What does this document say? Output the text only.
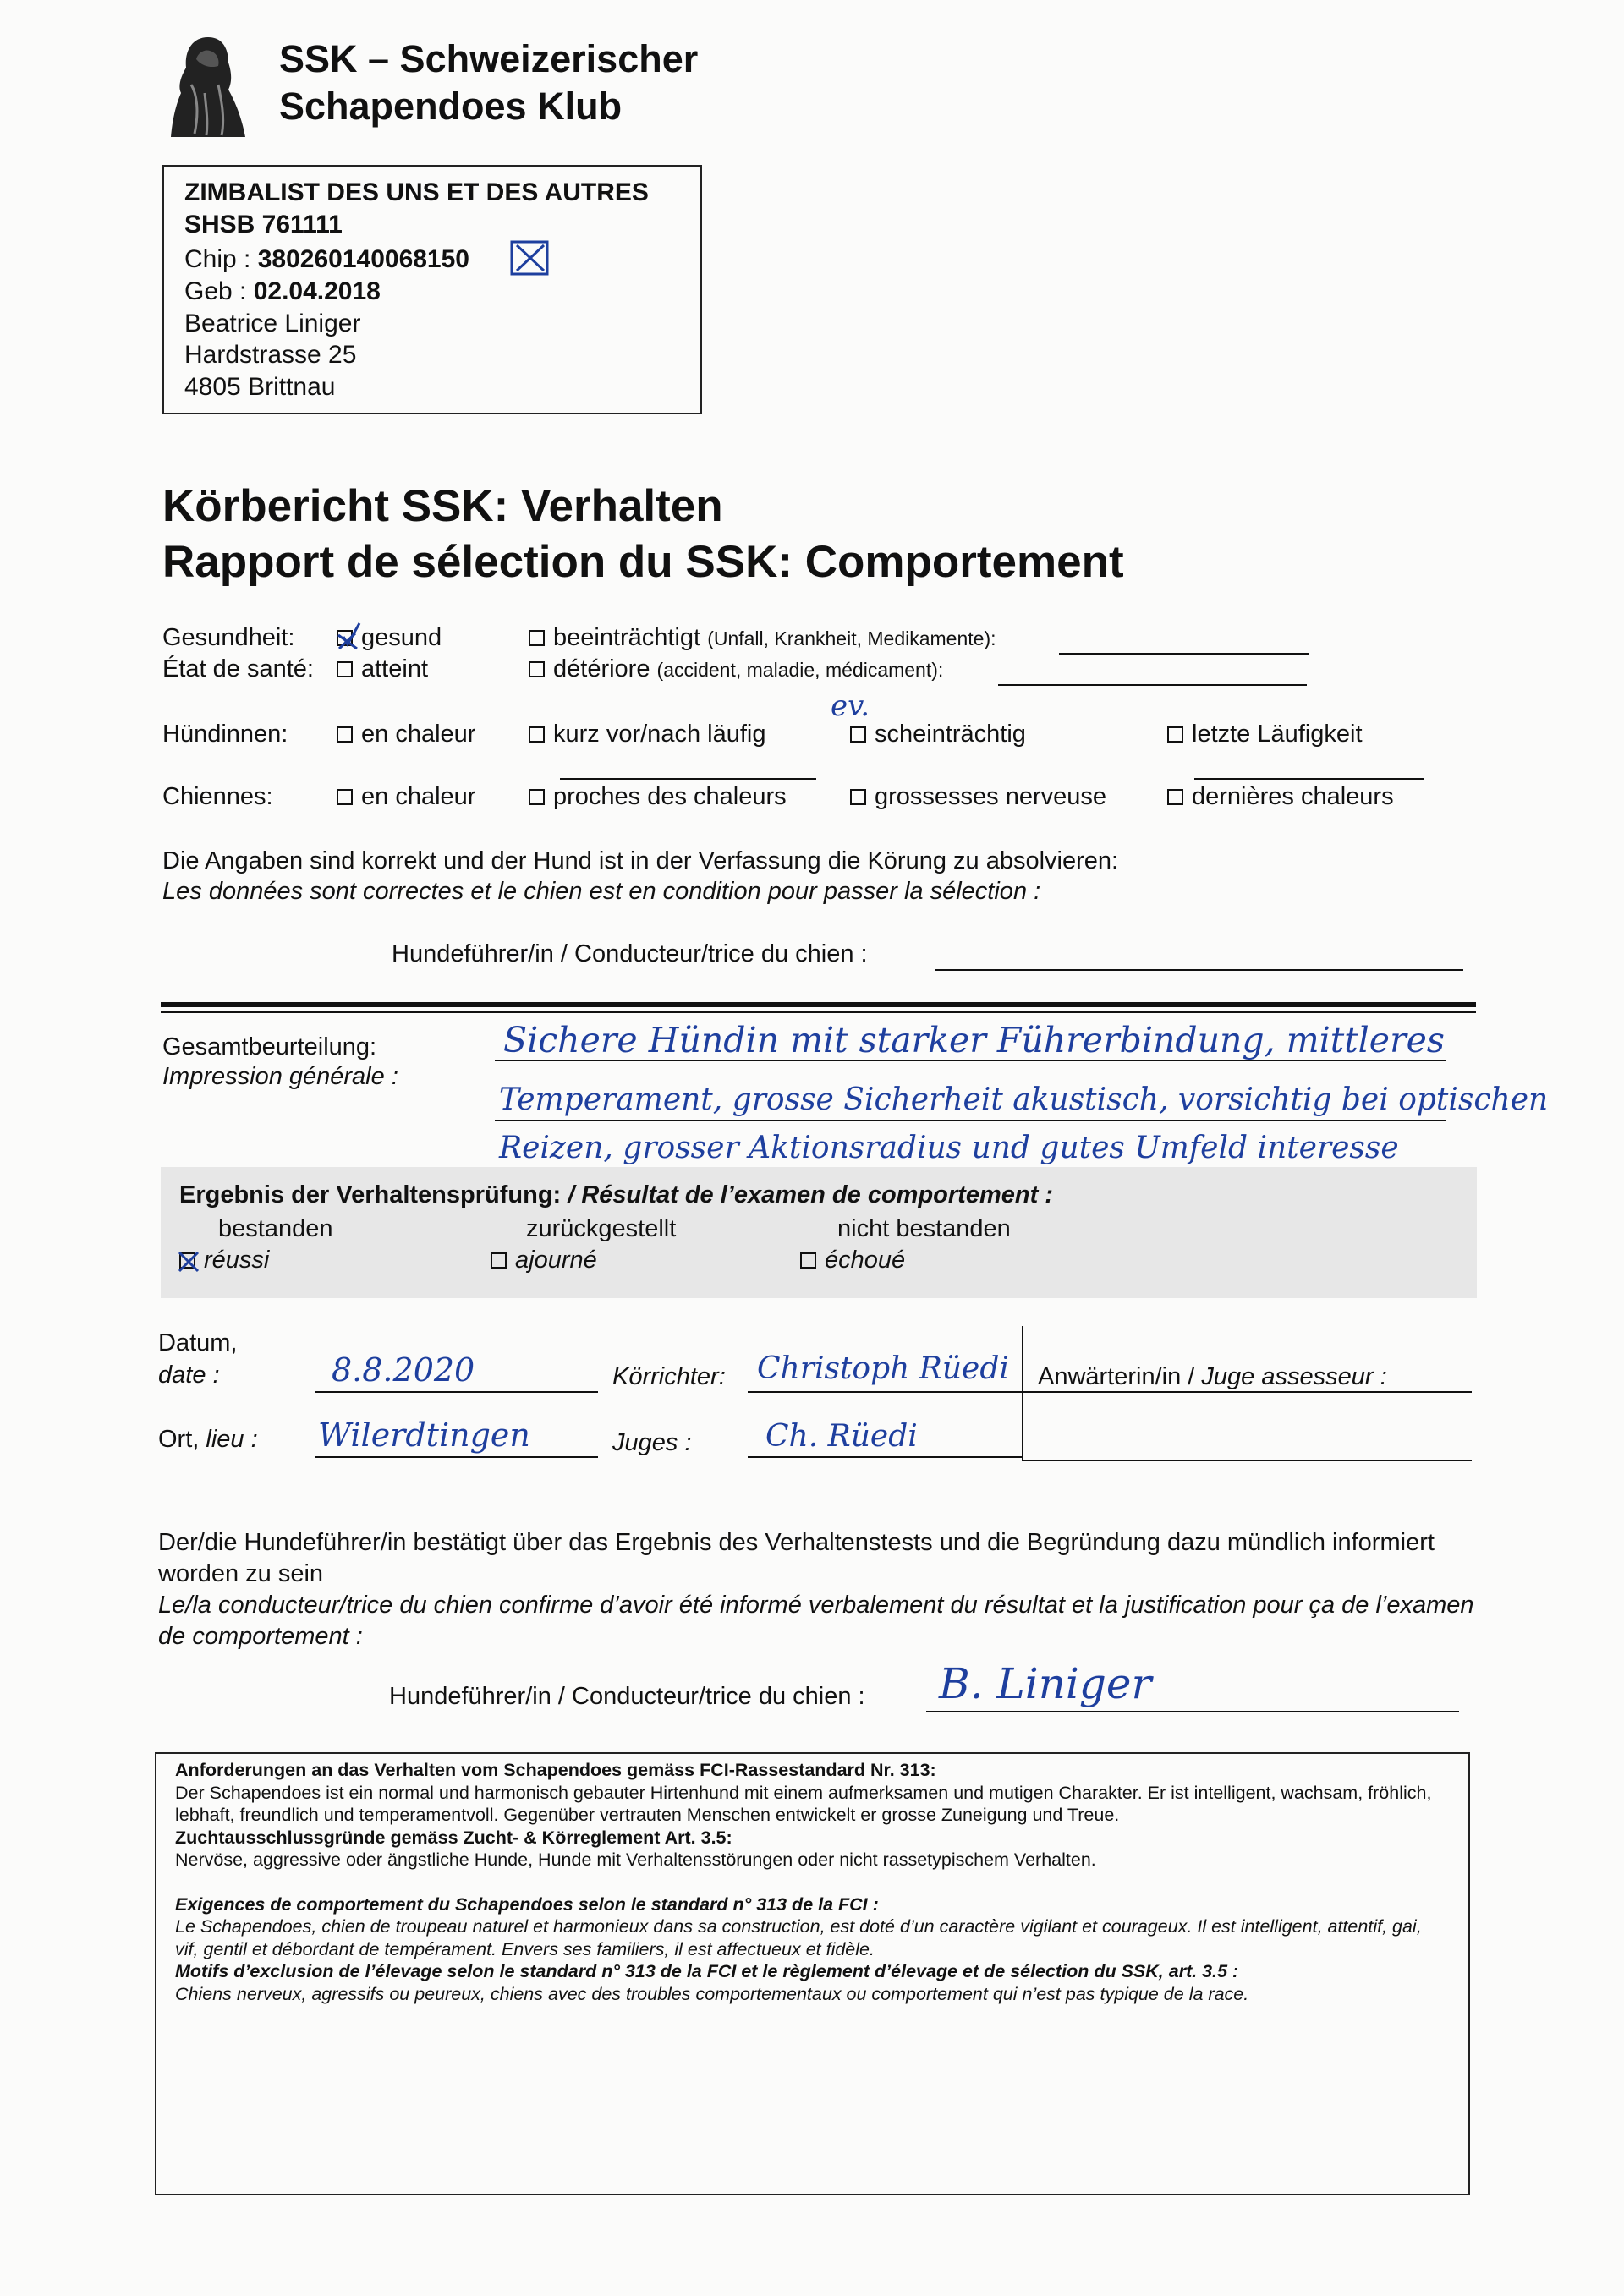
SSK – Schweizerischer
Schapendoes Klub
ZIMBALIST DES UNS ET DES AUTRES
SHSB 761111
Chip : 380260140068150
Geb : 02.04.2018
Beatrice Liniger
Hardstrasse 25
4805 Brittnau
Körbericht SSK: Verhalten
Rapport de sélection du SSK: Comportement
Gesundheit:
État de santé:
gesund
atteint
beeinträchtigt (Unfall, Krankheit, Medikamente):
détériore (accident, maladie, médicament):
Hündinnen:
Chiennes:
en chaleur
en chaleur
kurz vor/nach läufig
proches des chaleurs
ev.
scheinträchtig
grossesses nerveuse
letzte Läufigkeit
dernières chaleurs
Die Angaben sind korrekt und der Hund ist in der Verfassung die Körung zu absolvieren:
Les données sont correctes et le chien est en condition pour passer la sélection :
Hundeführer/in / Conducteur/trice du chien :
Gesamtbeurteilung:
Impression générale :
Sichere Hündin mit starker Führerbindung, mittleres
Temperament, grosse Sicherheit akustisch, vorsichtig bei optischen
Reizen, grosser Aktionsradius und gutes Umfeld interesse
Ergebnis der Verhaltensprüfung: / Résultat de l’examen de comportement :
bestanden
réussi
zurückgestellt
ajourné
nicht bestanden
échoué
Datum,
date :	8.8.2020
Ort, lieu : Wilerdtingen
Körrichter: Christoph Rüedi
Juges : Ch. Rüedi
Anwärterin/in / Juge assesseur :
Der/die Hundeführer/in bestätigt über das Ergebnis des Verhaltenstests und die Begründung dazu mündlich informiert worden zu sein
Le/la conducteur/trice du chien confirme d’avoir été informé verbalement du résultat et la justification pour ça de l’examen de comportement :
Hundeführer/in / Conducteur/trice du chien : B. Liniger

Anforderungen an das Verhalten vom Schapendoes gemäss FCI-Rassestandard Nr. 313:

Der Schapendoes ist ein normal und harmonisch gebauter Hirtenhund mit einem aufmerksamen und mutigen Charakter. Er ist intelligent, wachsam, fröhlich, lebhaft, freundlich und temperamentvoll. Gegenüber vertrauten Menschen entwickelt er grosse Zuneigung und Treue.

Zuchtausschlussgründe gemäss Zucht- & Körreglement Art. 3.5:

Nervöse, aggressive oder ängstliche Hunde, Hunde mit Verhaltensstörungen oder nicht rassetypischem Verhalten.

Exigences de comportement du Schapendoes selon le standard n° 313 de la FCI :

Le Schapendoes, chien de troupeau naturel et harmonieux dans sa construction, est doté d’un caractère vigilant et courageux. Il est intelligent, attentif, gai, vif, gentil et débordant de tempérament. Envers ses familiers, il est affectueux et fidèle.

Motifs d’exclusion de l’élevage selon le standard n° 313 de la FCI et le règlement d’élevage et de sélection du SSK, art. 3.5 :

Chiens nerveux, agressifs ou peureux, chiens avec des troubles comportementaux ou comportement qui n’est pas typique de la race.
